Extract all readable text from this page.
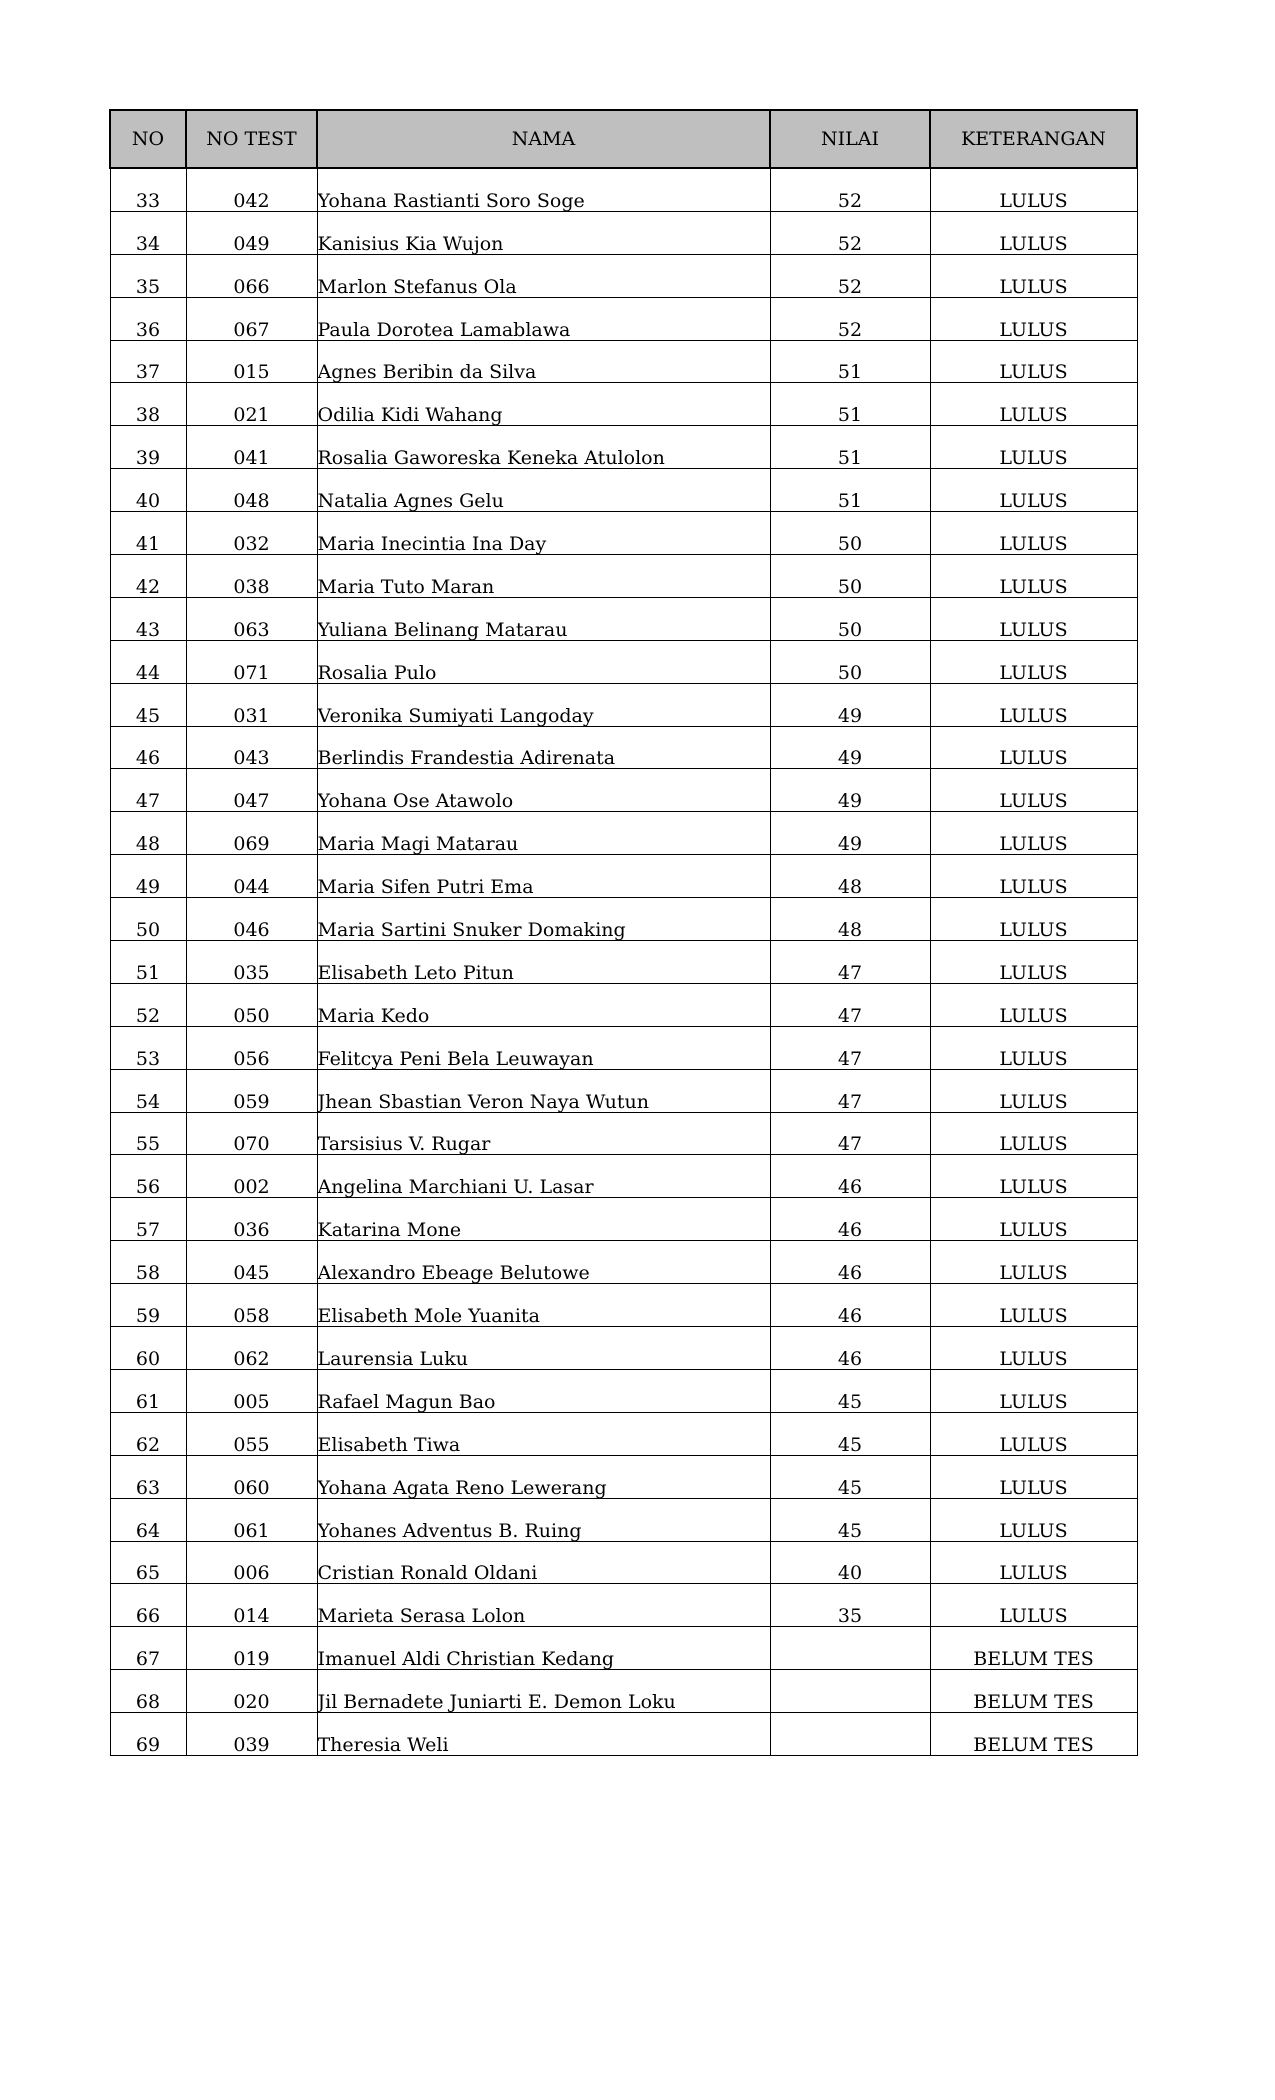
NO	NO TEST	NAMA	NILAI	KETERANGAN
33	042	Yohana Rastianti Soro Soge	52	LULUS
34	049	Kanisius Kia Wujon	52	LULUS
35	066	Marlon Stefanus Ola	52	LULUS
36	067	Paula Dorotea Lamablawa	52	LULUS
37	015	Agnes Beribin da Silva	51	LULUS
38	021	Odilia Kidi Wahang	51	LULUS
39	041	Rosalia Gaworeska Keneka Atulolon	51	LULUS
40	048	Natalia Agnes Gelu	51	LULUS
41	032	Maria Inecintia Ina Day	50	LULUS
42	038	Maria Tuto Maran	50	LULUS
43	063	Yuliana Belinang Matarau	50	LULUS
44	071	Rosalia Pulo	50	LULUS
45	031	Veronika Sumiyati Langoday	49	LULUS
46	043	Berlindis Frandestia Adirenata	49	LULUS
47	047	Yohana Ose Atawolo	49	LULUS
48	069	Maria Magi Matarau	49	LULUS
49	044	Maria Sifen Putri Ema	48	LULUS
50	046	Maria Sartini Snuker Domaking	48	LULUS
51	035	Elisabeth Leto Pitun	47	LULUS
52	050	Maria Kedo	47	LULUS
53	056	Felitcya Peni Bela Leuwayan	47	LULUS
54	059	Jhean Sbastian Veron Naya Wutun	47	LULUS
55	070	Tarsisius V. Rugar	47	LULUS
56	002	Angelina Marchiani U. Lasar	46	LULUS
57	036	Katarina Mone	46	LULUS
58	045	Alexandro Ebeage Belutowe	46	LULUS
59	058	Elisabeth Mole Yuanita	46	LULUS
60	062	Laurensia Luku	46	LULUS
61	005	Rafael Magun Bao	45	LULUS
62	055	Elisabeth Tiwa	45	LULUS
63	060	Yohana Agata Reno Lewerang	45	LULUS
64	061	Yohanes Adventus B. Ruing	45	LULUS
65	006	Cristian Ronald Oldani	40	LULUS
66	014	Marieta Serasa Lolon	35	LULUS
67	019	Imanuel Aldi Christian Kedang		BELUM TES
68	020	Jil Bernadete Juniarti E. Demon Loku		BELUM TES
69	039	Theresia Weli		BELUM TES
